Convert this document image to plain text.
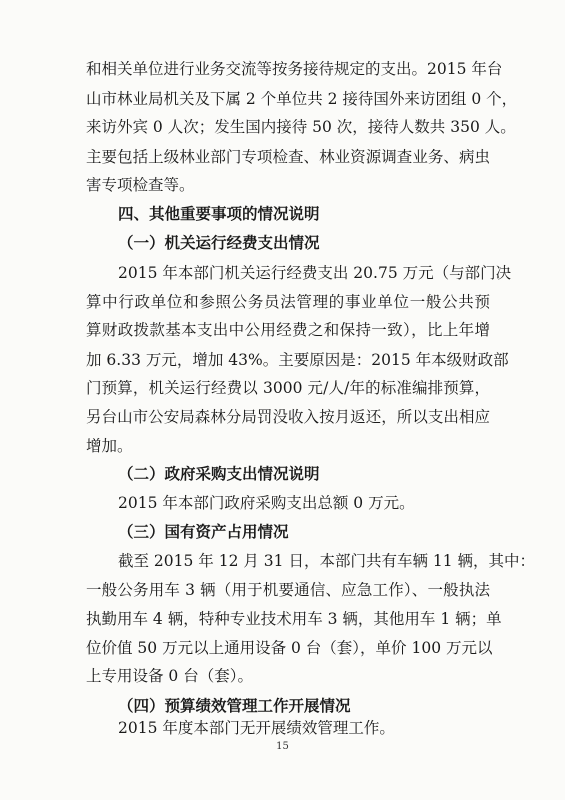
和相关单位进行业务交流等按务接待规定的支出。2015 年台
山市林业局机关及下属 2 个单位共 2 接待国外来访团组 0 个，
来访外宾 0 人次；发生国内接待 50 次，接待人数共 350 人。
主要包括上级林业部门专项检查、林业资源调查业务、病虫
害专项检查等。
四、其他重要事项的情况说明
（一）机关运行经费支出情况
2015 年本部门机关运行经费支出 20.75 万元（与部门决
算中行政单位和参照公务员法管理的事业单位一般公共预
算财政拨款基本支出中公用经费之和保持一致），比上年增
加 6.33 万元，增加 43%。主要原因是：2015 年本级财政部
门预算，机关运行经费以 3000 元/人/年的标准编排预算，
另台山市公安局森林分局罚没收入按月返还，所以支出相应
增加。
（二）政府采购支出情况说明
2015 年本部门政府采购支出总额 0 万元。
（三）国有资产占用情况
截至 2015 年 12 月 31 日，本部门共有车辆 11 辆，其中：
一般公务用车 3 辆（用于机要通信、应急工作）、一般执法
执勤用车 4 辆，特种专业技术用车 3 辆，其他用车 1 辆；单
位价值 50 万元以上通用设备 0 台（套），单价 100 万元以
上专用设备 0 台（套）。
（四）预算绩效管理工作开展情况
2015 年度本部门无开展绩效管理工作。
15
